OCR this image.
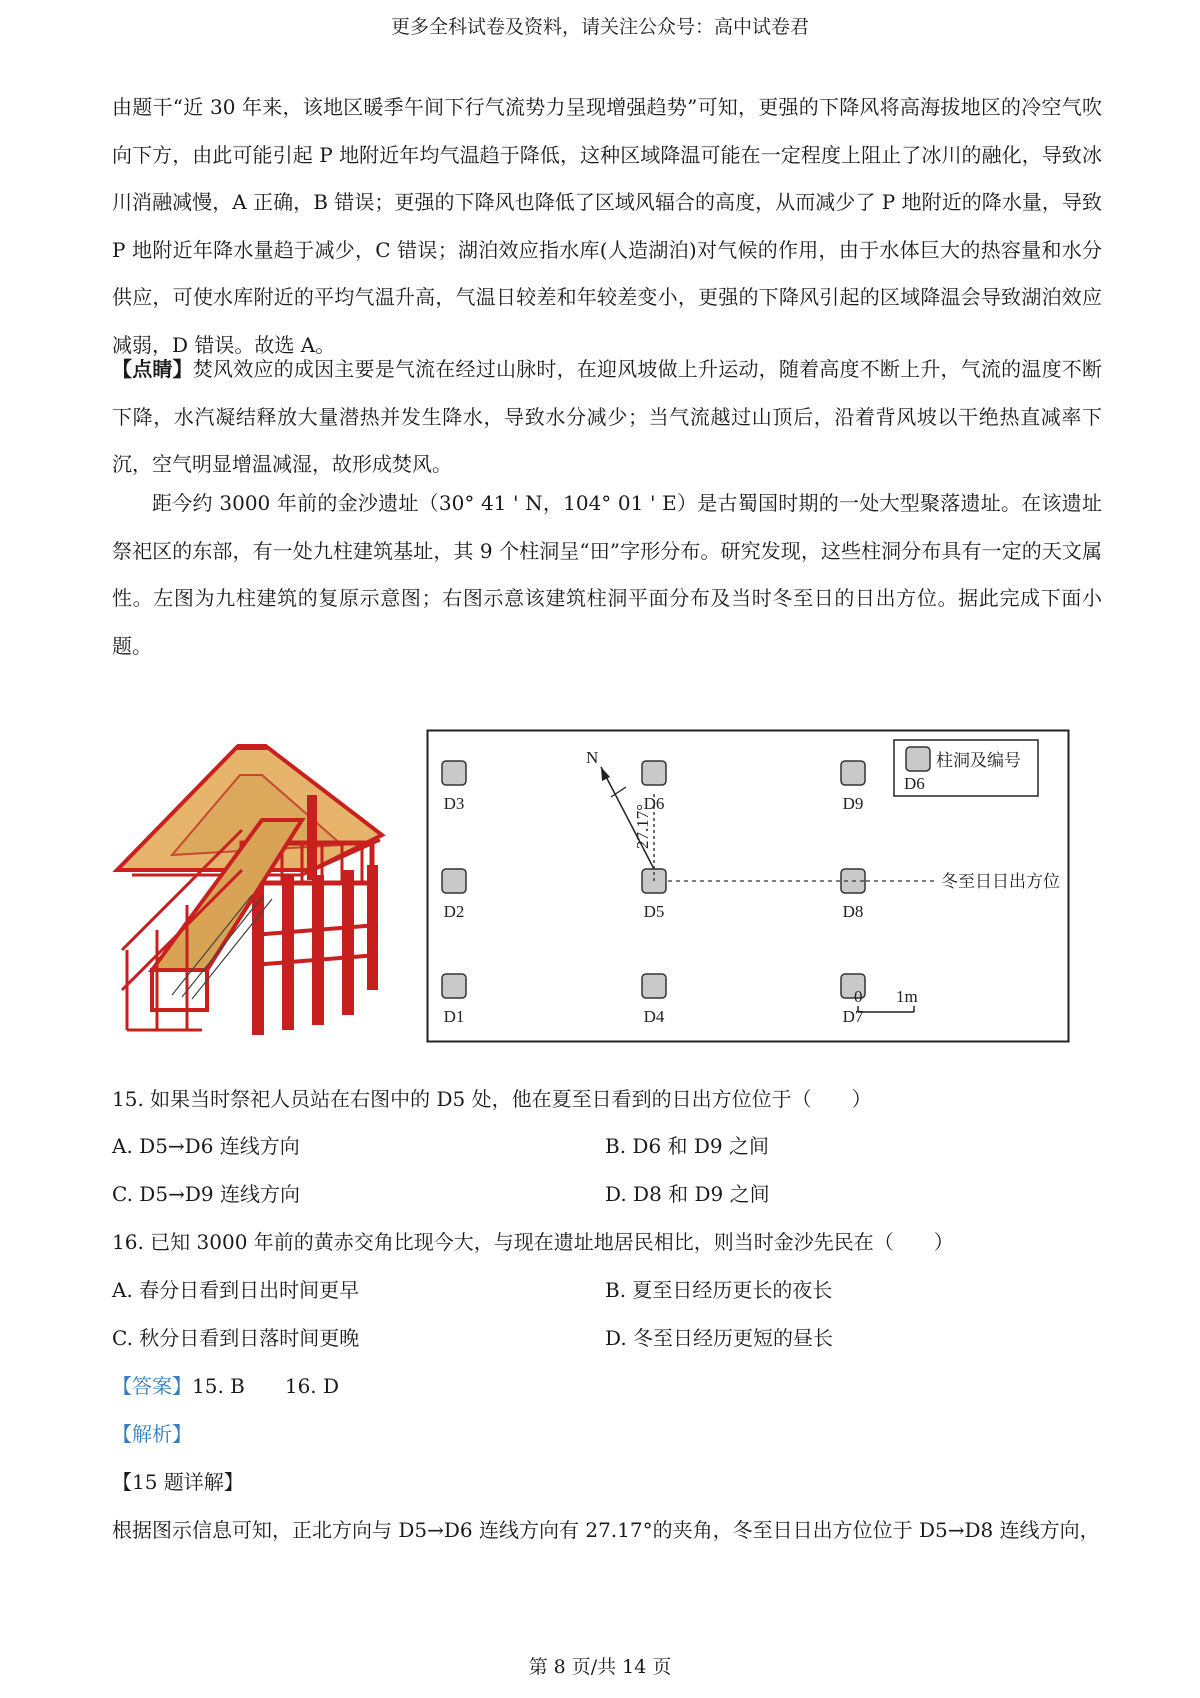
更多全科试卷及资料，请关注公众号：高中试卷君

由题干“近 30 年来，该地区暖季午间下行气流势力呈现增强趋势”可知，更强的下降风将高海拔地区的冷空气吹向下方，由此可能引起 P 地附近年均气温趋于降低，这种区域降温可能在一定程度上阻止了冰川的融化，导致冰川消融减慢，A 正确，B 错误；更强的下降风也降低了区域风辐合的高度，从而减少了 P 地附近的降水量，导致 P 地附近年降水量趋于减少，C 错误；湖泊效应指水库(人造湖泊)对气候的作用，由于水体巨大的热容量和水分供应，可使水库附近的平均气温升高，气温日较差和年较差变小，更强的下降风引起的区域降温会导致湖泊效应减弱，D 错误。故选 A。

【点睛】焚风效应的成因主要是气流在经过山脉时，在迎风坡做上升运动，随着高度不断上升，气流的温度不断下降，水汽凝结释放大量潜热并发生降水，导致水分减少；当气流越过山顶后，沿着背风坡以干绝热直减率下沉，空气明显增温减湿，故形成焚风。

距今约 3000 年前的金沙遗址（30° 41 ' N，104° 01 ' E）是古蜀国时期的一处大型聚落遗址。在该遗址祭祀区的东部，有一处九柱建筑基址，其 9 个柱洞呈“田”字形分布。研究发现，这些柱洞分布具有一定的天文属性。左图为九柱建筑的复原示意图；右图示意该建筑柱洞平面分布及当时冬至日的日出方位。据此完成下面小题。

D3	D6	D9
D2	D5	D8
D1	D4	D7
N
27.17°
冬至日日出方位
柱洞及编号
D6
0 1m
15. 如果当时祭祀人员站在右图中的 D5 处，他在夏至日看到的日出方位位于（　　）
A. D5→D6 连线方向	B. D6 和 D9 之间
C. D5→D9 连线方向	D. D8 和 D9 之间
16. 已知 3000 年前的黄赤交角比现今大，与现在遗址地居民相比，则当时金沙先民在（　　）
A. 春分日看到日出时间更早	B. 夏至日经历更长的夜长
C. 秋分日看到日落时间更晚	D. 冬至日经历更短的昼长
【答案】15. B　　16. D
【解析】
【15 题详解】
根据图示信息可知，正北方向与 D5→D6 连线方向有 27.17°的夹角，冬至日日出方位位于 D5→D8 连线方向，
第 8 页/共 14 页
